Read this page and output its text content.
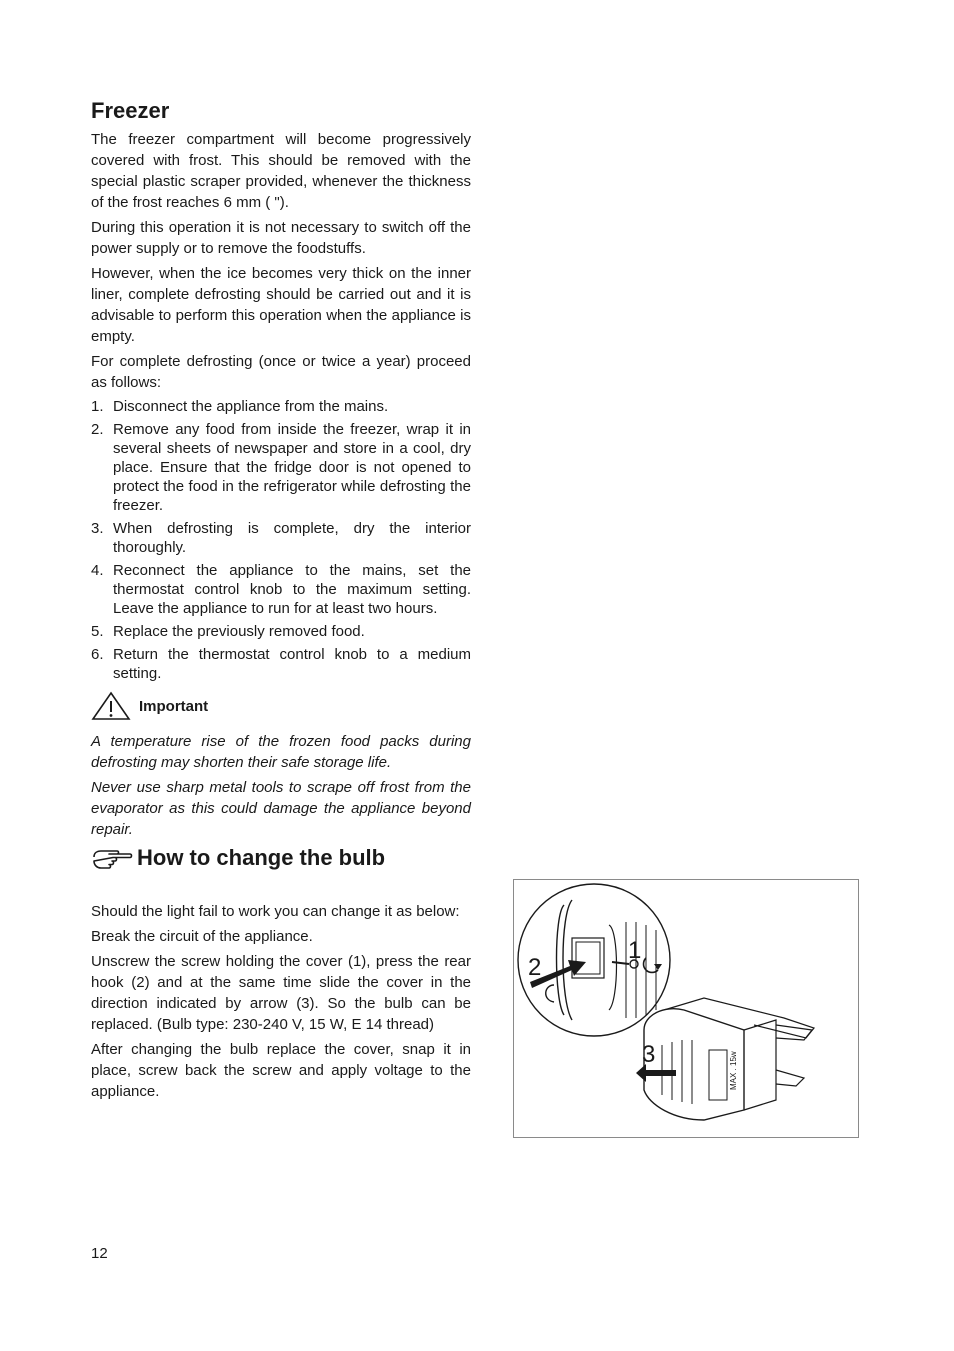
Freezer

The freezer compartment will become progressively covered with frost. This should be removed with the special plastic scraper provided, whenever the thickness of the frost reaches 6 mm ( ").

During this operation it is not necessary to switch off the power supply or to remove the foodstuffs.

However, when the ice becomes very thick on the inner liner, complete defrosting should be carried out and it is advisable to perform this operation when the appliance is empty.

For complete defrosting (once or twice a year) proceed as follows:

1. Disconnect the appliance from the mains.
2. Remove any food from inside the freezer, wrap it in several sheets of newspaper and store in a cool, dry place. Ensure that the fridge door is not opened to protect the food in the refrigerator while defrosting the freezer.
3. When defrosting is complete, dry the interior thoroughly.
4. Reconnect the appliance to the mains, set the thermostat control knob to the maximum setting. Leave the appliance to run for at least two hours.
5. Replace the previously removed food.
6. Return the thermostat control knob to a medium setting.
Important

A temperature rise of the frozen food packs during defrosting may shorten their safe storage life.

Never use sharp metal tools to scrape off frost from the evaporator as this could damage the appliance beyond repair.

How to change the bulb

Should the light fail to work you can change it as below:

Break the circuit of the appliance.

Unscrew the screw holding the cover (1), press the rear hook (2) and at the same time slide the cover in the direction indicated by arrow (3). So the bulb can be replaced. (Bulb type: 230-240 V, 15 W, E 14 thread)

After changing the bulb replace the cover, snap it in place, screw back the screw and apply voltage to the appliance.

2
1
3	MAX . 15w
12
